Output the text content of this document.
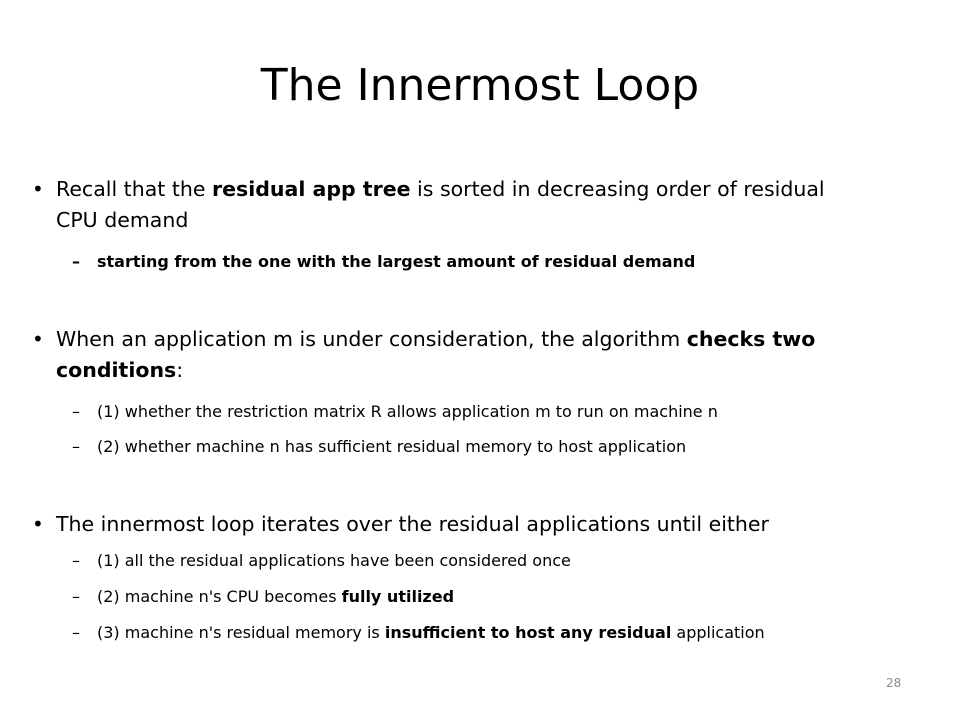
The Innermost Loop
• Recall that the residual app tree is sorted in decreasing order of residual
CPU demand
– starting from the one with the largest amount of residual demand
• When an application m is under consideration, the algorithm checks two
conditions:
– (1) whether the restriction matrix R allows application m to run on machine n
– (2) whether machine n has sufficient residual memory to host application
• The innermost loop iterates over the residual applications until either
– (1) all the residual applications have been considered once
– (2) machine n's CPU becomes fully utilized
– (3) machine n's residual memory is insufficient to host any residual application
28
